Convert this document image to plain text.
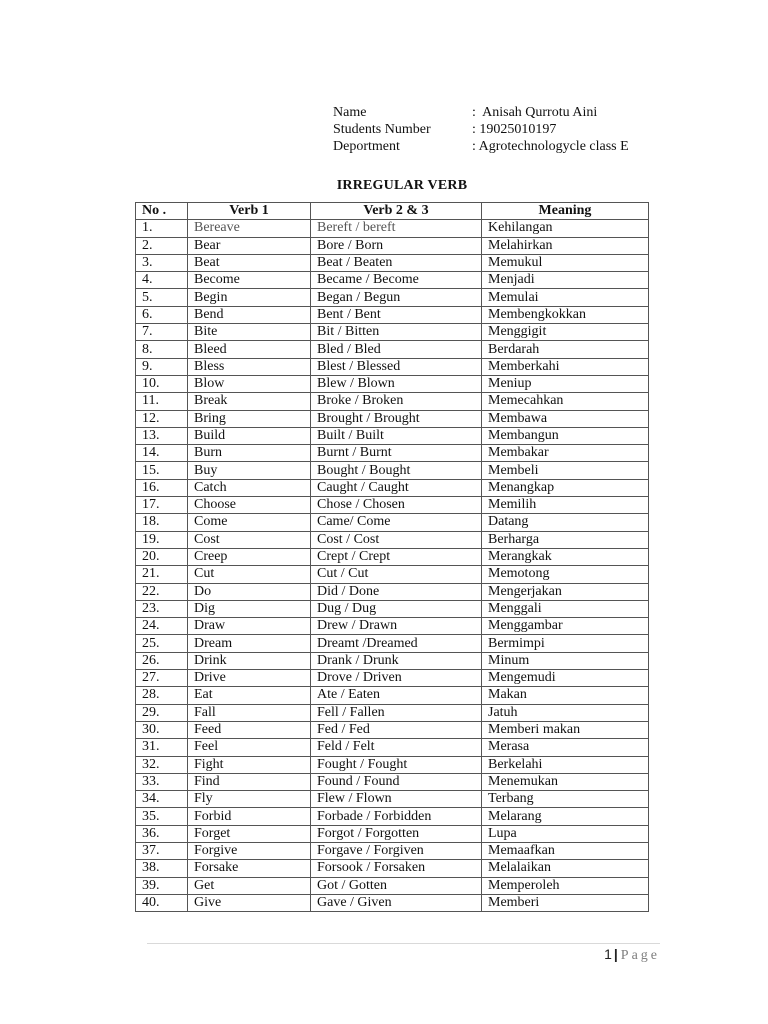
Name	:  Anisah Qurrotu Aini
Students Number	: 19025010197
Deportment	: Agrotechnologycle class E
IRREGULAR VERB
No .	Verb 1	Verb 2 & 3	Meaning
1.	Bereave	Bereft / bereft	Kehilangan
2.	Bear	Bore / Born	Melahirkan
3.	Beat	Beat / Beaten	Memukul
4.	Become	Became / Become	Menjadi
5.	Begin	Began / Begun	Memulai
6.	Bend	Bent / Bent	Membengkokkan
7.	Bite	Bit / Bitten	Menggigit
8.	Bleed	Bled / Bled	Berdarah
9.	Bless	Blest / Blessed	Memberkahi
10.	Blow	Blew / Blown	Meniup
11.	Break	Broke / Broken	Memecahkan
12.	Bring	Brought / Brought	Membawa
13.	Build	Built / Built	Membangun
14.	Burn	Burnt / Burnt	Membakar
15.	Buy	Bought / Bought	Membeli
16.	Catch	Caught / Caught	Menangkap
17.	Choose	Chose / Chosen	Memilih
18.	Come	Came/ Come	Datang
19.	Cost	Cost / Cost	Berharga
20.	Creep	Crept / Crept	Merangkak
21.	Cut	Cut / Cut	Memotong
22.	Do	Did / Done	Mengerjakan
23.	Dig	Dug / Dug	Menggali
24.	Draw	Drew / Drawn	Menggambar
25.	Dream	Dreamt /Dreamed	Bermimpi
26.	Drink	Drank / Drunk	Minum
27.	Drive	Drove / Driven	Mengemudi
28.	Eat	Ate / Eaten	Makan
29.	Fall	Fell / Fallen	Jatuh
30.	Feed	Fed / Fed	Memberi makan
31.	Feel	Feld / Felt	Merasa
32.	Fight	Fought / Fought	Berkelahi
33.	Find	Found / Found	Menemukan
34.	Fly	Flew / Flown	Terbang
35.	Forbid	Forbade / Forbidden	Melarang
36.	Forget	Forgot / Forgotten	Lupa
37.	Forgive	Forgave / Forgiven	Memaafkan
38.	Forsake	Forsook / Forsaken	Melalaikan
39.	Get	Got / Gotten	Memperoleh
40.	Give	Gave / Given	Memberi
1 | Page
